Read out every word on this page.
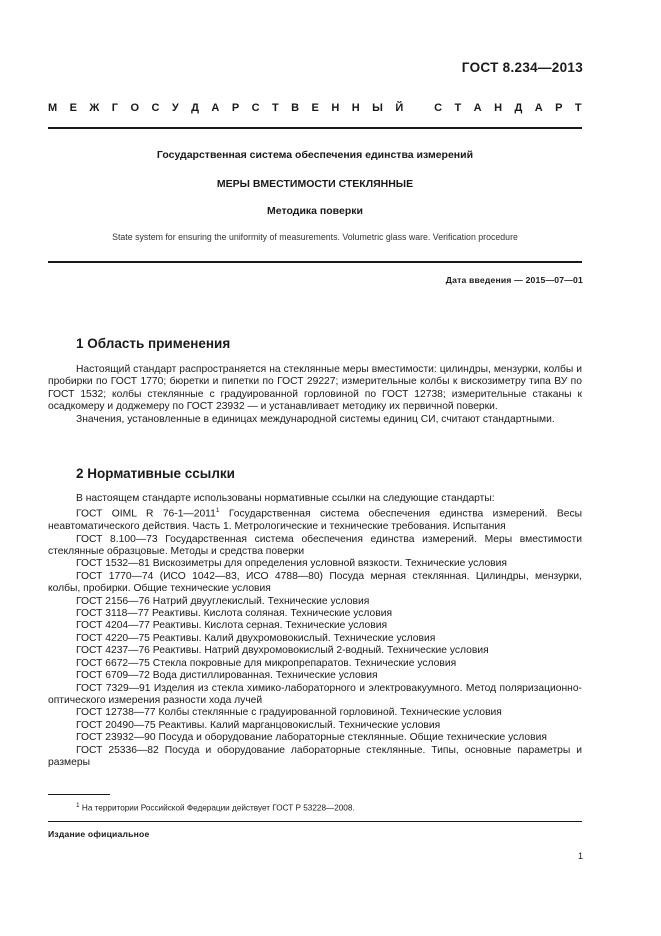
ГОСТ 8.234—2013
М Е Ж Г О С У Д А Р С Т В Е Н Н Ы Й	С Т А Н Д А Р Т
Государственная система обеспечения единства измерений
МЕРЫ ВМЕСТИМОСТИ СТЕКЛЯННЫЕ
Методика поверки
State system for ensuring the uniformity of measurements. Volumetric glass ware. Verification procedure
Дата введения — 2015—07—01
1 Область применения

Настоящий стандарт распространяется на стеклянные меры вместимости: цилиндры, мензурки, колбы и пробирки по ГОСТ 1770; бюретки и пипетки по ГОСТ 29227; измерительные колбы к вискозиметру типа ВУ по ГОСТ 1532; колбы стеклянные с градуированной горловиной по ГОСТ 12738; измерительные стаканы к осадкомеру и доджемеру по ГОСТ 23932 — и устанавливает методику их первичной поверки.

Значения, установленные в единицах международной системы единиц СИ, считают стандартными.

2 Нормативные ссылки

В настоящем стандарте использованы нормативные ссылки на следующие стандарты:

ГОСТ OIML R 76-1—2011$^1$ Государственная система обеспечения единства измерений. Весы неавтоматического действия. Часть 1. Метрологические и технические требования. Испытания

ГОСТ 8.100—73 Государственная система обеспечения единства измерений. Меры вместимости стеклянные образцовые. Методы и средства поверки

ГОСТ 1532—81 Вискозиметры для определения условной вязкости. Технические условия

ГОСТ 1770—74 (ИСО 1042—83, ИСО 4788—80) Посуда мерная стеклянная. Цилиндры, мензурки, колбы, пробирки. Общие технические условия

ГОСТ 2156—76 Натрий двууглекислый. Технические условия

ГОСТ 3118—77 Реактивы. Кислота соляная. Технические условия

ГОСТ 4204—77 Реактивы. Кислота серная. Технические условия

ГОСТ 4220—75 Реактивы. Калий двухромовокислый. Технические условия

ГОСТ 4237—76 Реактивы. Натрий двухромовокислый 2-водный. Технические условия

ГОСТ 6672—75 Стекла покровные для микропрепаратов. Технические условия

ГОСТ 6709—72 Вода дистиллированная. Технические условия

ГОСТ 7329—91 Изделия из стекла химико-лабораторного и электровакуумного. Метод поляризационно-оптического измерения разности хода лучей

ГОСТ 12738—77 Колбы стеклянные с градуированной горловиной. Технические условия

ГОСТ 20490—75 Реактивы. Калий марганцовокислый. Технические условия

ГОСТ 23932—90 Посуда и оборудование лабораторные стеклянные. Общие технические условия

ГОСТ 25336—82 Посуда и оборудование лабораторные стеклянные. Типы, основные параметры и размеры

$^1$ На территории Российской Федерации действует ГОСТ Р 53228—2008.
Издание официальное
1
